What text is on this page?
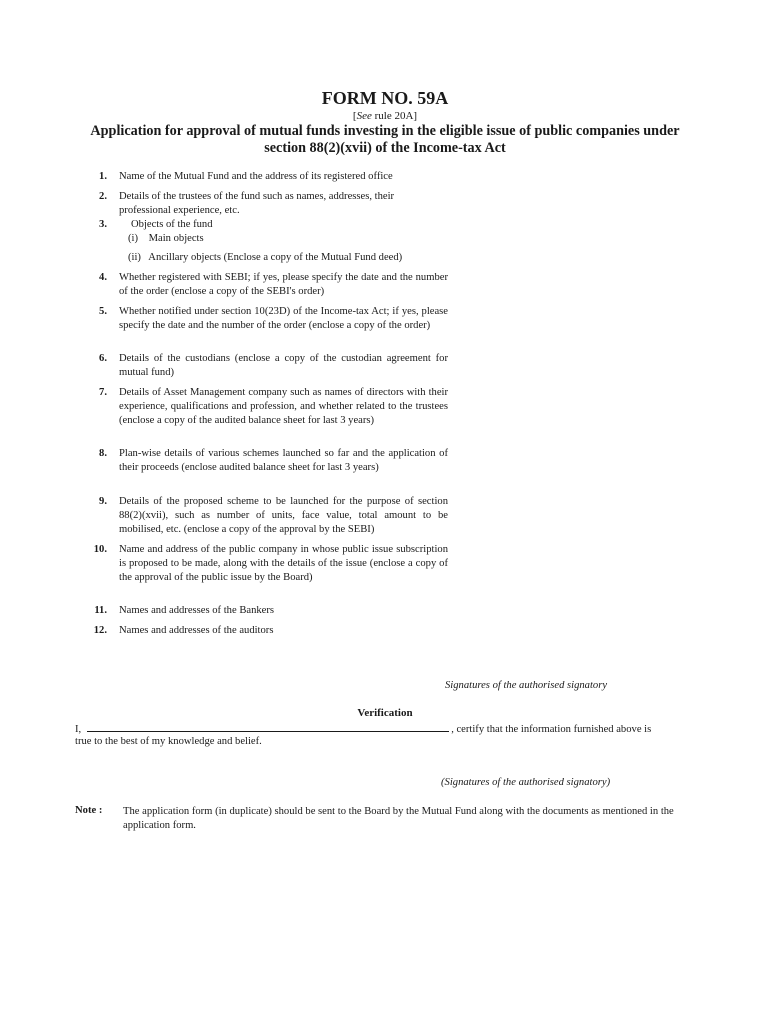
FORM NO. 59A
[See rule 20A]
Application for approval of mutual funds investing in the eligible issue of public companies under section 88(2)(xvii) of the Income-tax Act
1. Name of the Mutual Fund and the address of its registered office
2. Details of the trustees of the fund such as names, addresses, their professional experience, etc.
3. Objects of the fund
(i)    Main objects
(ii)   Ancillary objects (Enclose a copy of the Mutual Fund deed)
4. Whether registered with SEBI; if yes, please specify the date and the number of the order (enclose a copy of the SEBI's order)
5. Whether notified under section 10(23D) of the Income-tax Act; if yes, please specify the date and the number of the order (enclose a copy of the order)
6. Details of the custodians (enclose a copy of the custodian agreement for mutual fund)
7. Details of Asset Management company such as names of directors with their experience, qualifications and profession, and whether related to the trustees (enclose a copy of the audited balance sheet for last 3 years)
8. Plan-wise details of various schemes launched so far and the application of their proceeds (enclose audited balance sheet for last 3 years)
9. Details of the proposed scheme to be launched for the purpose of section 88(2)(xvii), such as number of units, face value, total amount to be mobilised, etc. (enclose a copy of the approval by the SEBI)
10. Name and address of the public company in whose public issue subscription is proposed to be made, along with the details of the issue (enclose a copy of the approval of the public issue by the Board)
11. Names and addresses of the Bankers
12. Names and addresses of the auditors
Signatures of the authorised signatory
Verification
I,	, certify that the information furnished above is
true to the best of my knowledge and belief.
(Signatures of the authorised signatory)
Note : The application form (in duplicate) should be sent to the Board by the Mutual Fund along with the documents as mentioned in the application form.
